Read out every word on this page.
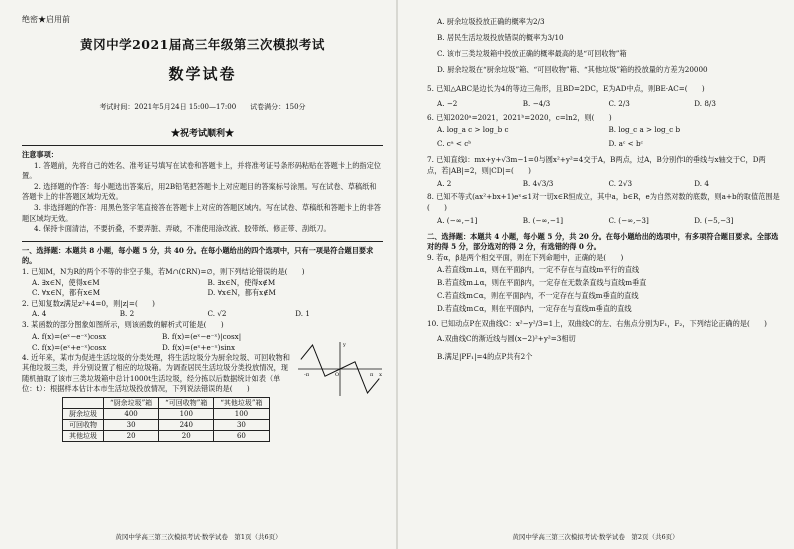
绝密★启用前
黄冈中学2021届高三年级第三次模拟考试
数学试卷
考试时间：2021年5月24日 15:00—17:00　　试卷满分：150分
★祝考试顺利★

注意事项：

1. 答题前，先将自己的姓名、准考证号填写在试卷和答题卡上，并将准考证号条形码粘贴在答题卡上的指定位置。

2. 选择题的作答：每小题选出答案后，用2B铅笔把答题卡上对应题目的答案标号涂黑。写在试卷、草稿纸和答题卡上的非答题区域均无效。

3. 非选择题的作答：用黑色签字笔直接答在答题卡上对应的答题区域内。写在试卷、草稿纸和答题卡上的非答题区域均无效。

4. 保持卡面清洁，不要折叠，不要弄脏、弄破，不准使用涂改液、胶带纸、修正带、刮纸刀。

一、选择题：本题共 8 小题，每小题 5 分，共 40 分。在每小题给出的四个选项中，只有一项是符合题目要求的。

1. 已知M，N为R的两个不等的非空子集，若M∩(∁RN)=∅，则下列结论错误的是(　　)

A. ∃x∈N，使得x∈M	B. ∃x∈N，使得x∉M
C. ∀x∈N，都有x∈M	D. ∀x∈N，都有x∉M

2. 已知复数z满足z²+4=0，则|z|=(　　)

A. 4	B. 2	C. √2	D. 1

3. 某函数的部分图象如图所示，则该函数的解析式可能是(　　)

A. f(x)=(eˣ−e⁻ˣ)cosx	B. f(x)=(eˣ−e⁻ˣ)|cosx|
C. f(x)=(eˣ+e⁻ˣ)cosx	D. f(x)=(eˣ+e⁻ˣ)sinx

4. 近年来，某市为促进生活垃圾的分类处理，将生活垃圾分为厨余垃圾、可回收物和其他垃圾三类，并分别设置了相应的垃圾箱。为调查居民生活垃圾分类投放情况，现随机抽取了该市三类垃圾箱中总计1000t生活垃圾，经分拣以后数据统计如表（单位：t）：根据样本估计本市生活垃圾投放情况，下列说法错误的是(　　)

	“厨余垃圾”箱	“可回收物”箱	“其他垃圾”箱
厨余垃圾	400	100	100
可回收物	30	240	30
其他垃圾	20	20	60
x
y
-π	O	π
黄冈中学高三第三次模拟考试·数学试卷　第1页（共6页）
A. 厨余垃圾投放正确的概率为2/3
B. 居民生活垃圾投放错误的概率为3/10
C. 该市三类垃圾箱中投放正确的概率最高的是“可回收物”箱
D. 厨余垃圾在“厨余垃圾”箱、“可回收物”箱、“其他垃圾”箱的投放量的方差为20000

5. 已知△ABC是边长为4的等边三角形，且BD=2DC，E为AD中点，则BE·AC=(　　)

A. −2	B. −4/3	C. 2/3	D. 8/3

6. 已知2020ᵃ=2021，2021ᵇ=2020，c=ln2，则(　　)

A. log_a c > log_b c	B. log_c a > log_c b
C. cᵃ < cᵇ	D. aᶜ < bᶜ

7. 已知直线l：mx+y+√3m−1=0与圆x²+y²=4交于A，B两点，过A，B分别作l的垂线与x轴交于C，D两点，若|AB|=2，则|CD|=(　　)

A. 2	B. 4√3/3	C. 2√3	D. 4

8. 已知不等式(ax²+bx+1)eˣ≤1对一切x∈R恒成立，其中a，b∈R，e为自然对数的底数，则a+b的取值范围是(　　)

A. (−∞,−1]	B. (−∞,−1]	C. (−∞,−3]	D. (−5,−3]

二、选择题：本题共 4 小题，每小题 5 分，共 20 分。在每小题给出的选项中，有多项符合题目要求。全部选对的得 5 分，部分选对的得 2 分，有选错的得 0 分。

9. 若α，β是两个相交平面，则在下列命题中，正确的是(　　)

A.若直线m⊥α，则在平面β内，一定不存在与直线m平行的直线
B.若直线m⊥α，则在平面β内，一定存在无数条直线与直线m垂直
C.若直线m⊂α，则在平面β内，不一定存在与直线m垂直的直线
D.若直线m⊂α，则在平面β内，一定存在与直线m垂直的直线

10. 已知动点P在双曲线C：x²−y²/3=1上，双曲线C的左、右焦点分别为F₁，F₂，下列结论正确的是(　　)

A.双曲线C的渐近线与圆(x−2)²+y²=3相切
B.满足|PF₁|=4的点P共有2个
黄冈中学高三第三次模拟考试·数学试卷　第2页（共6页）
